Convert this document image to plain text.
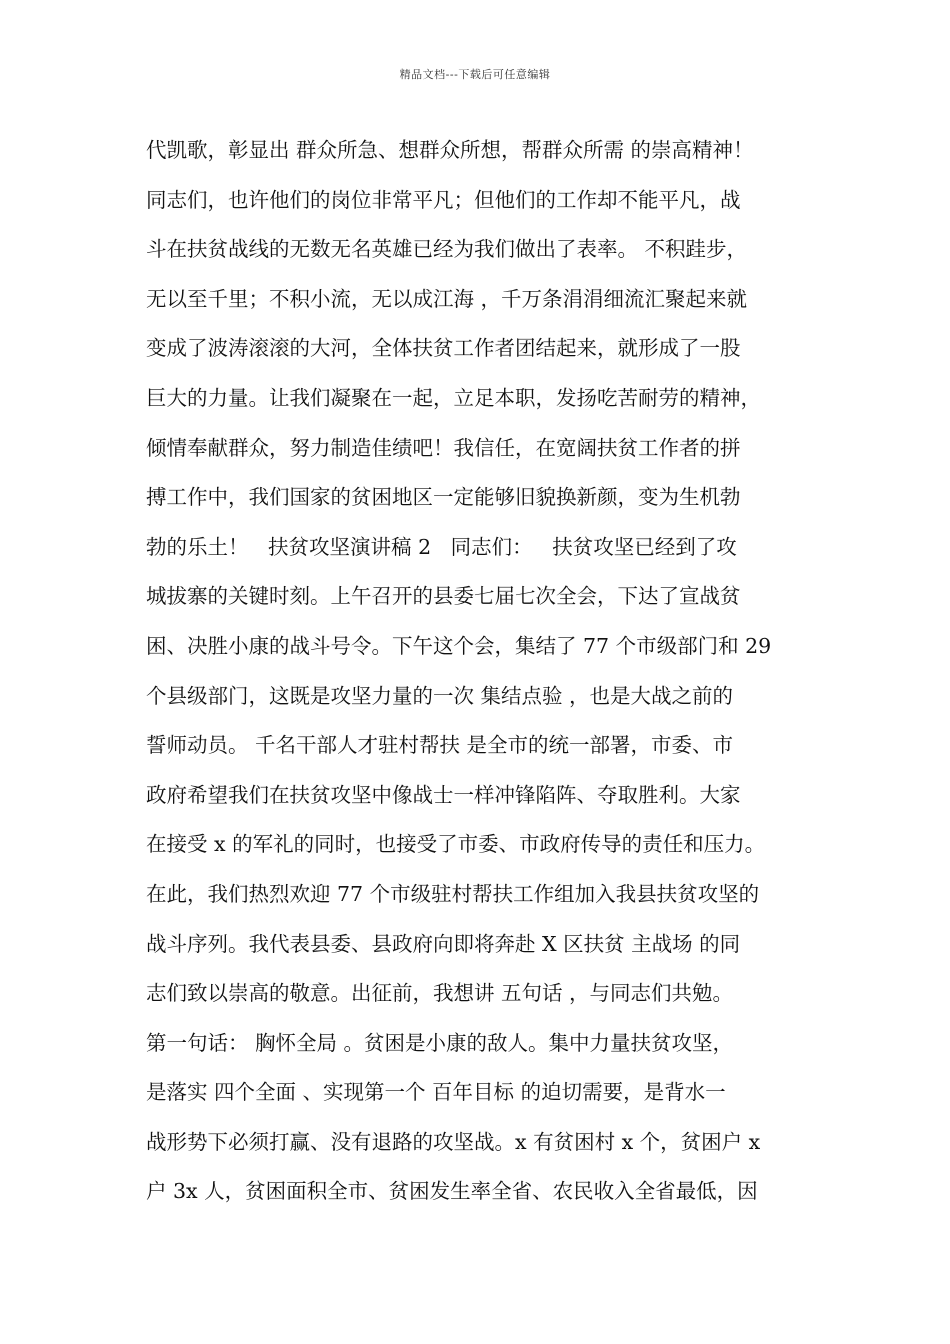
精品文档---下载后可任意编辑
代凯歌，彰显出 群众所急、想群众所想，帮群众所需 的崇高精神！
同志们，也许他们的岗位非常平凡；但他们的工作却不能平凡，战
斗在扶贫战线的无数无名英雄已经为我们做出了表率。 不积跬步，
无以至千里；不积小流，无以成江海 ，千万条涓涓细流汇聚起来就
变成了波涛滚滚的大河，全体扶贫工作者团结起来，就形成了一股
巨大的力量。让我们凝聚在一起，立足本职，发扬吃苦耐劳的精神，
倾情奉献群众，努力制造佳绩吧！我信任，在宽阔扶贫工作者的拼
搏工作中，我们国家的贫困地区一定能够旧貌换新颜，变为生机勃
勃的乐土！   扶贫攻坚演讲稿 2   同志们：   扶贫攻坚已经到了攻
城拔寨的关键时刻。上午召开的县委七届七次全会，下达了宣战贫
困、决胜小康的战斗号令。下午这个会，集结了 77 个市级部门和 29
个县级部门，这既是攻坚力量的一次 集结点验 ，也是大战之前的
誓师动员。 千名干部人才驻村帮扶 是全市的统一部署，市委、市
政府希望我们在扶贫攻坚中像战士一样冲锋陷阵、夺取胜利。大家
在接受 x 的军礼的同时，也接受了市委、市政府传导的责任和压力。
在此，我们热烈欢迎 77 个市级驻村帮扶工作组加入我县扶贫攻坚的
战斗序列。我代表县委、县政府向即将奔赴 X 区扶贫 主战场 的同
志们致以崇高的敬意。出征前，我想讲 五句话 ，与同志们共勉。
第一句话： 胸怀全局 。贫困是小康的敌人。集中力量扶贫攻坚，
是落实 四个全面 、实现第一个 百年目标 的迫切需要，是背水一
战形势下必须打赢、没有退路的攻坚战。x 有贫困村 x 个，贫困户 x
户 3x 人，贫困面积全市、贫困发生率全省、农民收入全省最低，因
